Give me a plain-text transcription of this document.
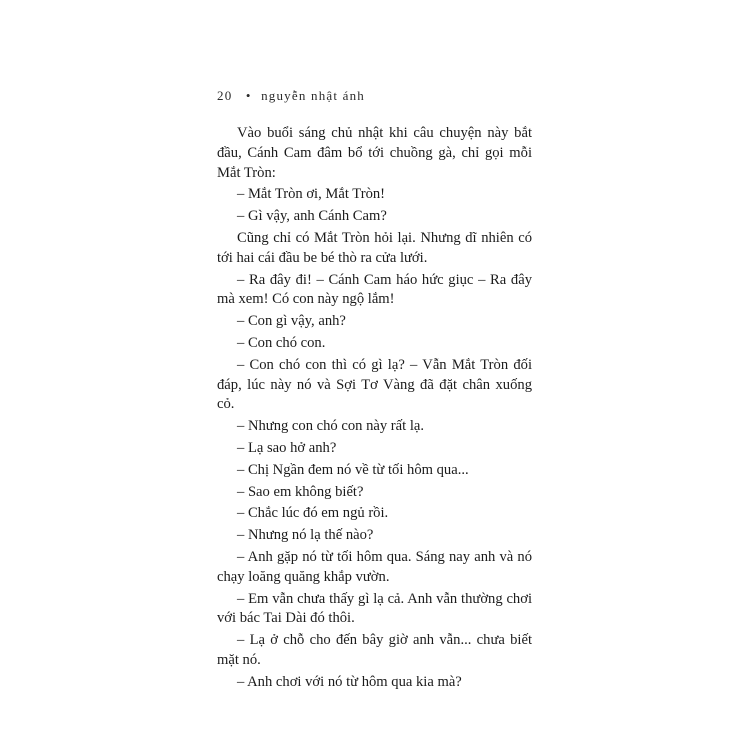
20 • nguyễn nhật ánh

Vào buổi sáng chủ nhật khi câu chuyện này bắt đầu, Cánh Cam đâm bổ tới chuồng gà, chỉ gọi mỗi Mắt Tròn:

– Mắt Tròn ơi, Mắt Tròn!

– Gì vậy, anh Cánh Cam?

Cũng chỉ có Mắt Tròn hỏi lại. Nhưng dĩ nhiên có tới hai cái đầu be bé thò ra cửa lưới.

– Ra đây đi! – Cánh Cam háo hức giục – Ra đây mà xem! Có con này ngộ lắm!

– Con gì vậy, anh?

– Con chó con.

– Con chó con thì có gì lạ? – Vẫn Mắt Tròn đối đáp, lúc này nó và Sợi Tơ Vàng đã đặt chân xuống cỏ.

– Nhưng con chó con này rất lạ.

– Lạ sao hở anh?

– Chị Ngần đem nó về từ tối hôm qua...

– Sao em không biết?

– Chắc lúc đó em ngủ rồi.

– Nhưng nó lạ thế nào?

– Anh gặp nó từ tối hôm qua. Sáng nay anh và nó chạy loăng quăng khắp vườn.

– Em vẫn chưa thấy gì lạ cả. Anh vẫn thường chơi với bác Tai Dài đó thôi.

– Lạ ở chỗ cho đến bây giờ anh vẫn... chưa biết mặt nó.

– Anh chơi với nó từ hôm qua kia mà?
